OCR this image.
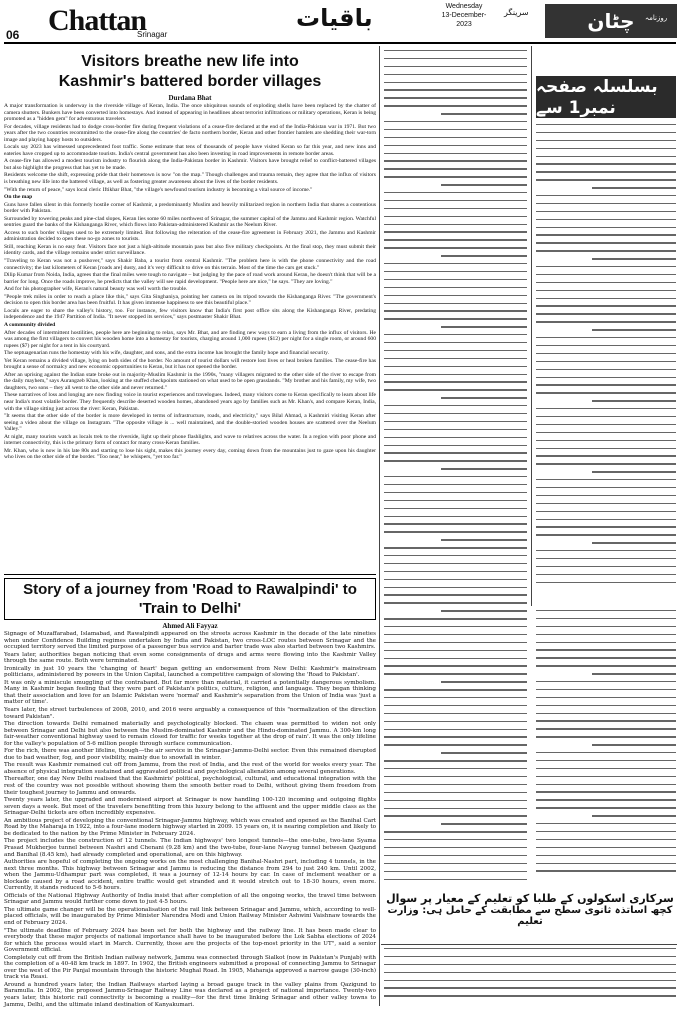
06 Chattan
Srinagar
باقیات	Wednesday
13-December-2023
سرینگر	چٹان روزنامہ
Visitors breathe new life into
Kashmir's battered border villages
Durdana Bhat

A major transformation is underway in the riverside village of Keran, India. The once ubiquitous sounds of exploding shells have been replaced by the chatter of camera shutters. Bunkers have been converted into homestays. And instead of appearing in headlines about terrorist infiltrations or military operations, Keran is being promoted as a "hidden gem" for adventurous travelers.

For decades, village residents had to dodge cross-border fire during frequent violations of a cease-fire declared at the end of the India-Pakistan war in 1971. But two years after the two countries recommitted to the cease-fire along the countries' de facto northern border, Keran and other frontier hamlets are shedding their war-torn image and playing happy hosts to outsiders.

Locals say 2023 has witnessed unprecedented foot traffic. Some estimate that tens of thousands of people have visited Keran so far this year, and new inns and eateries have cropped up to accommodate tourists. India's central government has also been investing in road improvements in remote border areas.

A cease-fire has allowed a modest tourism industry to flourish along the India-Pakistan border in Kashmir. Visitors have brought relief to conflict-battered villages but also highlight the progress that has yet to be made.

Residents welcome the shift, expressing pride that their hometown is now "on the map." Though challenges and trauma remain, they agree that the influx of visitors is breathing new life into the battered village, as well as fostering greater awareness about the lives of the border residents.

"With the return of peace," says local cleric Iftikhar Bhat, "the village's newfound tourism industry is becoming a vital source of income."

On the map

Guns have fallen silent in this formerly hostile corner of Kashmir, a predominantly Muslim and heavily militarized region in northern India that shares a contentious border with Pakistan.

Surrounded by towering peaks and pine-clad slopes, Keran lies some 60 miles northwest of Srinagar, the summer capital of the Jammu and Kashmir region. Watchful sentries guard the banks of the Kishanganga River, which flows into Pakistan-administered Kashmir as the Neelum River.

Access to such border villages used to be extremely limited. But following the reiteration of the cease-fire agreement in February 2021, the Jammu and Kashmir administration decided to open these no-go zones to tourists.

Still, reaching Keran is no easy feat. Visitors face not just a high-altitude mountain pass but also five military checkpoints. At the final stop, they must submit their identity cards, and the village remains under strict surveillance.

"Traveling to Keran was not a pushover," says Shakir Baba, a tourist from central Kashmir. "The problem here is with the phone connectivity and the road connectivity; the last kilometers of Keran [roads are] dusty, and it's very difficult to drive on this terrain. Most of the time the cars get stuck."

Dilip Kumar from Noida, India, agrees that the final miles were tough to navigate – but judging by the pace of road work around Keran, he doesn't think that will be a barrier for long. Once the roads improve, he predicts that the valley will see rapid development. "People here are nice," he says. "They are loving."

And for his photographer wife, Keran's natural beauty was well worth the trouble.

"People trek miles in order to reach a place like this," says Gita Singhaniya, pointing her camera on its tripod towards the Kishanganga River. "The government's decision to open this border area has been fruitful. It has given immense happiness to see this beautiful place."

Locals are eager to share the valley's history, too. For instance, few visitors know that India's first post office sits along the Kishanganga River, predating independence and the 1947 Partition of India. "It never stopped its services," says postmaster Shakir Bhat.

A community divided

After decades of intermittent hostilities, people here are beginning to relax, says Mr. Bhat, and are finding new ways to earn a living from the influx of visitors. He was among the first villagers to convert his wooden home into a homestay for tourists, charging around 1,000 rupees ($12) per night for a single room, or around 600 rupees ($7) per night for a tent in his courtyard.

The septuagenarian runs the homestay with his wife, daughter, and sons, and the extra income has brought the family hope and financial security.

Yet Keran remains a divided village, lying on both sides of the border. No amount of tourist dollars will restore lost lives or heal broken families. The cease-fire has brought a sense of normalcy and new economic opportunities to Keran, but it has not opened the border.

After an uprising against the Indian state broke out in majority-Muslim Kashmir in the 1990s, "many villagers migrated to the other side of the river to escape from the daily mayhem," says Aurangzeb Khan, looking at the stuffed checkpoints stationed on what used to be open grasslands. "My brother and his family, my wife, two daughters, two sons – they all went to the other side and never returned."

These narratives of loss and longing are now finding voice in tourist experiences and travelogues. Indeed, many visitors come to Keran specifically to learn about life near India's most volatile border. They frequently describe deserted wooden homes, abandoned years ago by families such as Mr. Khan's, and compare Keran, India, with the village sitting just across the river: Keran, Pakistan.

"It seems that the other side of the border is more developed in terms of infrastructure, roads, and electricity," says Bilal Ahmad, a Kashmiri visiting Keran after seeing a video about the village on Instagram. "The opposite village is ... well maintained, and the double-storied wooden houses are scattered over the Neelum Valley."

At night, many tourists watch as locals trek to the riverside, light up their phone flashlights, and wave to relatives across the water. In a region with poor phone and internet connectivity, this is the primary form of contact for many cross-Keran families.

Mr. Khan, who is now in his late 80s and starting to lose his sight, makes this journey every day, coming down from the mountains just to gaze upon his daughter who lives on the other side of the border. "Too near," he whispers, "yet too far."

Story of a journey from 'Road to Rawalpindi' to 'Train to Delhi'
Ahmed Ali Fayyaz

Signage of Muzaffarabad, Islamabad, and Rawalpindi appeared on the streets across Kashmir in the decade of the late nineties when under Confidence Building regimes undertaken by India and Pakistan, two cross-LOC routes between Srinagar and the occupied territory served the limited purpose of a passenger bus service and barter trade was also started between two Kashmirs.

Years later, authorities began noticing that even some consignments of drugs and arms were flowing into the Kashmir Valley through the same route. Both were terminated.

Ironically in just 10 years the 'changing of heart' began getting an endorsement from New Delhi: Kashmir's mainstream politicians, administered by powers in the Union Capital, launched a competitive campaign of slowing the 'Road to Pakistan'.

It was only a miniscule smuggling of the contraband. But far more than material, it carried a potentially dangerous symbolism. Many in Kashmir began feeling that they were part of Pakistan's politics, culture, religion, and language. They began thinking that their association and love for an Islamic Pakistan were 'normal' and Kashmir's separation from the Union of India was 'just a matter of time'.

Years later, the street turbulences of 2008, 2010, and 2016 were arguably a consequence of this "normalization of the direction toward Pakistan".

The direction towards Delhi remained materially and psychologically blocked. The chasm was permitted to widen not only between Srinagar and Delhi but also between the Muslim-dominated Kashmir and the Hindu-dominated Jammu. A 300-km long fair-weather conventional highway used to remain closed for traffic for weeks together at the drop of rain'. It was the only lifeline for the valley's population of 5-6 million people through surface communication.

For the rich, there was another lifeline, though—the air service in the Srinagar-Jammu-Delhi sector. Even this remained disrupted due to bad weather, fog, and poor visibility, mainly due to snowfall in winter.

The result was Kashmir remained cut off from Jammu, from the rest of India, and the rest of the world for weeks every year. The absence of physical integration sustained and aggravated political and psychological alienation among several generations.

Thereafter, one day New Delhi realised that the Kashmiris' political, psychological, cultural, and educational integration with the rest of the country was not possible without showing them the smooth better road to Delhi, without giving them freedom from their toughest journey to Jammu and onwards.

Twenty years later, the upgraded and modernised airport at Srinagar is now handling 100-120 incoming and outgoing flights seven days a week. But most of the travelers benefitting from this luxury belong to the affluent and the upper middle class as the Srinagar-Delhi tickets are often incredibly expensive.

An ambitious project of developing the conventional Srinagar-Jammu highway, which was created and opened as the Banihal Cart Road by the Maharaja in 1922, into a four-lane modern highway started in 2009. 15 years on, it is nearing completion and likely to be dedicated to the nation by the Prime Minister in February 2024.

The project includes the construction of 12 tunnels. The Indian highways' two longest tunnels—the one-tube, two-lane Syama Prasad Mukherjee tunnel between Nashri and Chenani (9.28 km) and the two-tube, four-lane Navyug tunnel between Qazigund and Banihal (8.45 km), had already completed and operational, are on this highway.

Authorities are hopeful of completing the ongoing works on the most challenging Banihal-Nashri part, including 4 tunnels, in the next three months. This highway between Srinagar and Jammu is reducing the distance from 294 to just 240 km. Until 2002, when the Jammu-Udhampur part was completed, it was a journey of 12-14 hours by car. In case of inclement weather or a blockade caused by a road accident, entire traffic would get stranded and it would stretch out to 18-30 hours, even more. Currently, it stands reduced to 5-6 hours.

Officials of the National Highway Authority of India insist that after completion of all the ongoing works, the travel time between Srinagar and Jammu would further come down to just 4-5 hours.

The ultimate game changer will be the operationalisation of the rail link between Srinagar and Jammu, which, according to well-placed officials, will be inaugurated by Prime Minister Narendra Modi and Union Railway Minister Ashwini Vaishnaw towards the end of February 2024.

"The ultimate deadline of February 2024 has been set for both the highway and the railway line. It has been made clear to everybody that these major projects of national importance shall have to be inaugurated before the Lok Sabha elections of 2024 for which the process would start in March. Currently, those are the projects of the top-most priority in the UT", said a senior Government official.

Completely cut off from the British Indian railway network, Jammu was connected through Sialkot (now in Pakistan's Punjab) with the completion of a 40-48 km track in 1897. In 1902, the British engineers submitted a proposal of connecting Jammu to Srinagar over the west of the Pir Panjal mountain through the historic Mughal Road. In 1905, Maharaja approved a narrow gauge (30-inch) track via Reasi.

Around a hundred years later, the Indian Railways started laying a broad gauge track in the valley plains from Qazigund to Baramulla. In 2002, the proposed Jammu-Srinagar Railway Line was declared as a project of national importance. Twenty-two years later, this historic rail connectivity is becoming a reality—for the first time linking Srinagar and other valley towns to Jammu, Delhi, and the ultimate inland destination of Kanyakumari.

بسلسلہ صفحہ نمبر1 سے
سرکاری اسکولوں کے طلبا کو تعلیم کے معیار پر سوال
کچھ اساتذہ ثانوی سطح سے مطابقت کے حامل ہی: وزارت تعلیم
